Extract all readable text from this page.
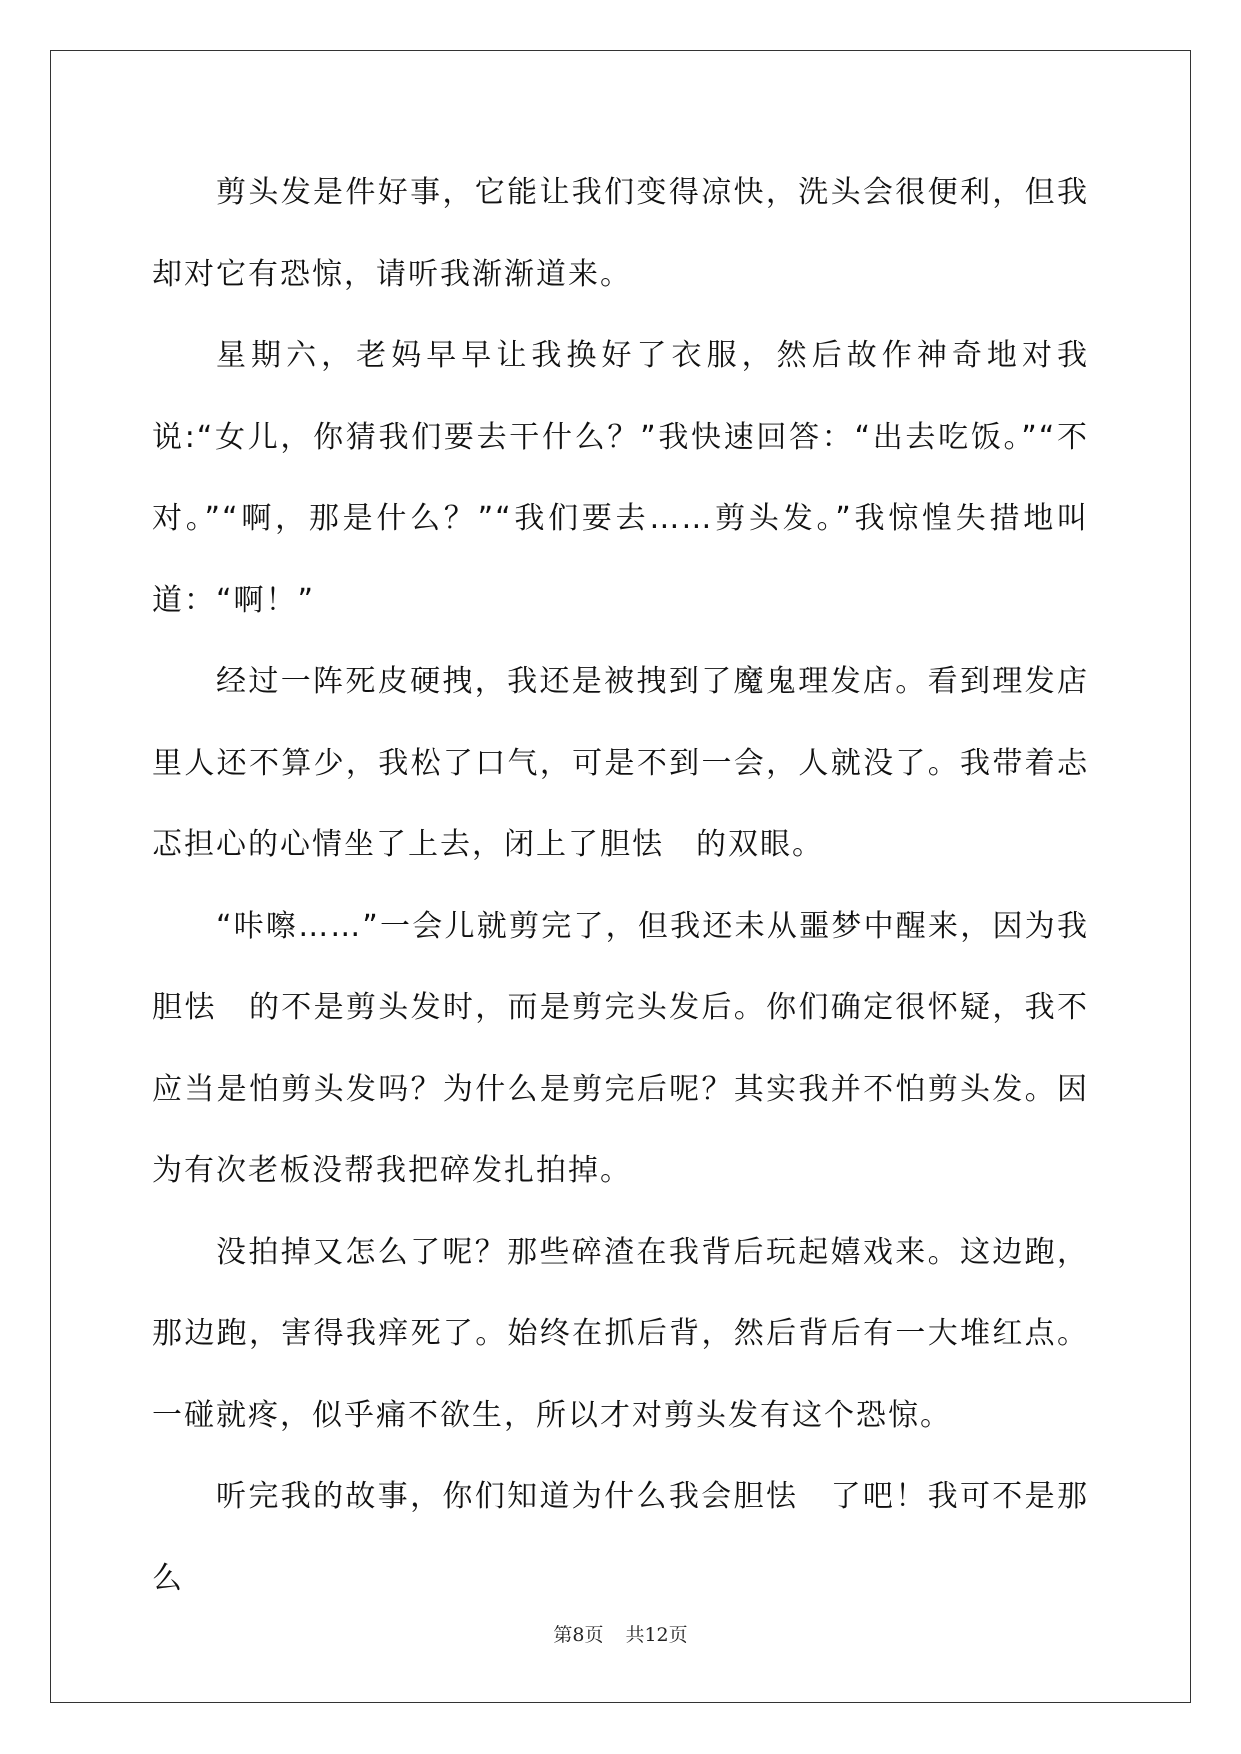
剪头发是件好事，它能让我们变得凉快，洗头会很便利，但我却对它有恐惊，请听我渐渐道来。

星期六，老妈早早让我换好了衣服，然后故作神奇地对我说:“女儿，你猜我们要去干什么？”我快速回答：“出去吃饭。”“不对。”“啊，那是什么？”“我们要去……剪头发。”我惊惶失措地叫道：“啊！”

经过一阵死皮硬拽，我还是被拽到了魔鬼理发店。看到理发店里人还不算少，我松了口气，可是不到一会，人就没了。我带着忐忑担心的心情坐了上去，闭上了胆怯　的双眼。

“咔嚓……”一会儿就剪完了，但我还未从噩梦中醒来，因为我胆怯　的不是剪头发时，而是剪完头发后。你们确定很怀疑，我不应当是怕剪头发吗？为什么是剪完后呢？其实我并不怕剪头发。因为有次老板没帮我把碎发扎拍掉。

没拍掉又怎么了呢？那些碎渣在我背后玩起嬉戏来。这边跑，那边跑，害得我痒死了。始终在抓后背，然后背后有一大堆红点。一碰就疼，似乎痛不欲生，所以才对剪头发有这个恐惊。

听完我的故事，你们知道为什么我会胆怯　了吧！我可不是那么

第8页 共12页
